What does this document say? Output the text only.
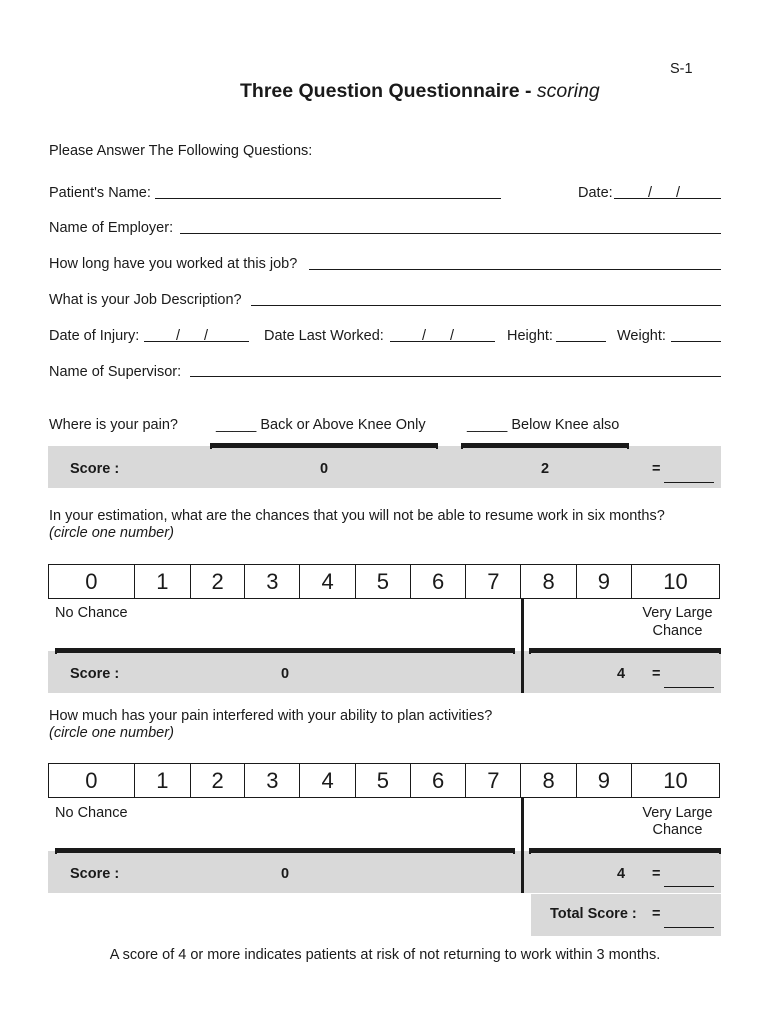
S-1
Three Question Questionnaire - scoring
Please Answer The Following Questions:
Patient's Name:	Date: / /
Name of Employer:
How long have you worked at this job?
What is your Job Description?
Date of Injury:	/ /	Date Last Worked:	/ /	Height:	Weight:
Name of Supervisor:
Where is your pain?	_____ Back or Above Knee Only	_____ Below Knee also
Score :	0	2	=
In your estimation, what are the chances that you will not be able to resume work in six months?
(circle one number)
0	1	2	3	4	5	6	7	8	9	10
No Chance	Very Large
Chance
Score :	0	4 =
How much has your pain interfered with your ability to plan activities?
(circle one number)
0	1	2	3	4	5	6	7	8	9	10
No Chance	Very Large
Chance
Score :	0	4 =
Total Score : =
A score of 4 or more indicates patients at risk of not returning to work within 3 months.
